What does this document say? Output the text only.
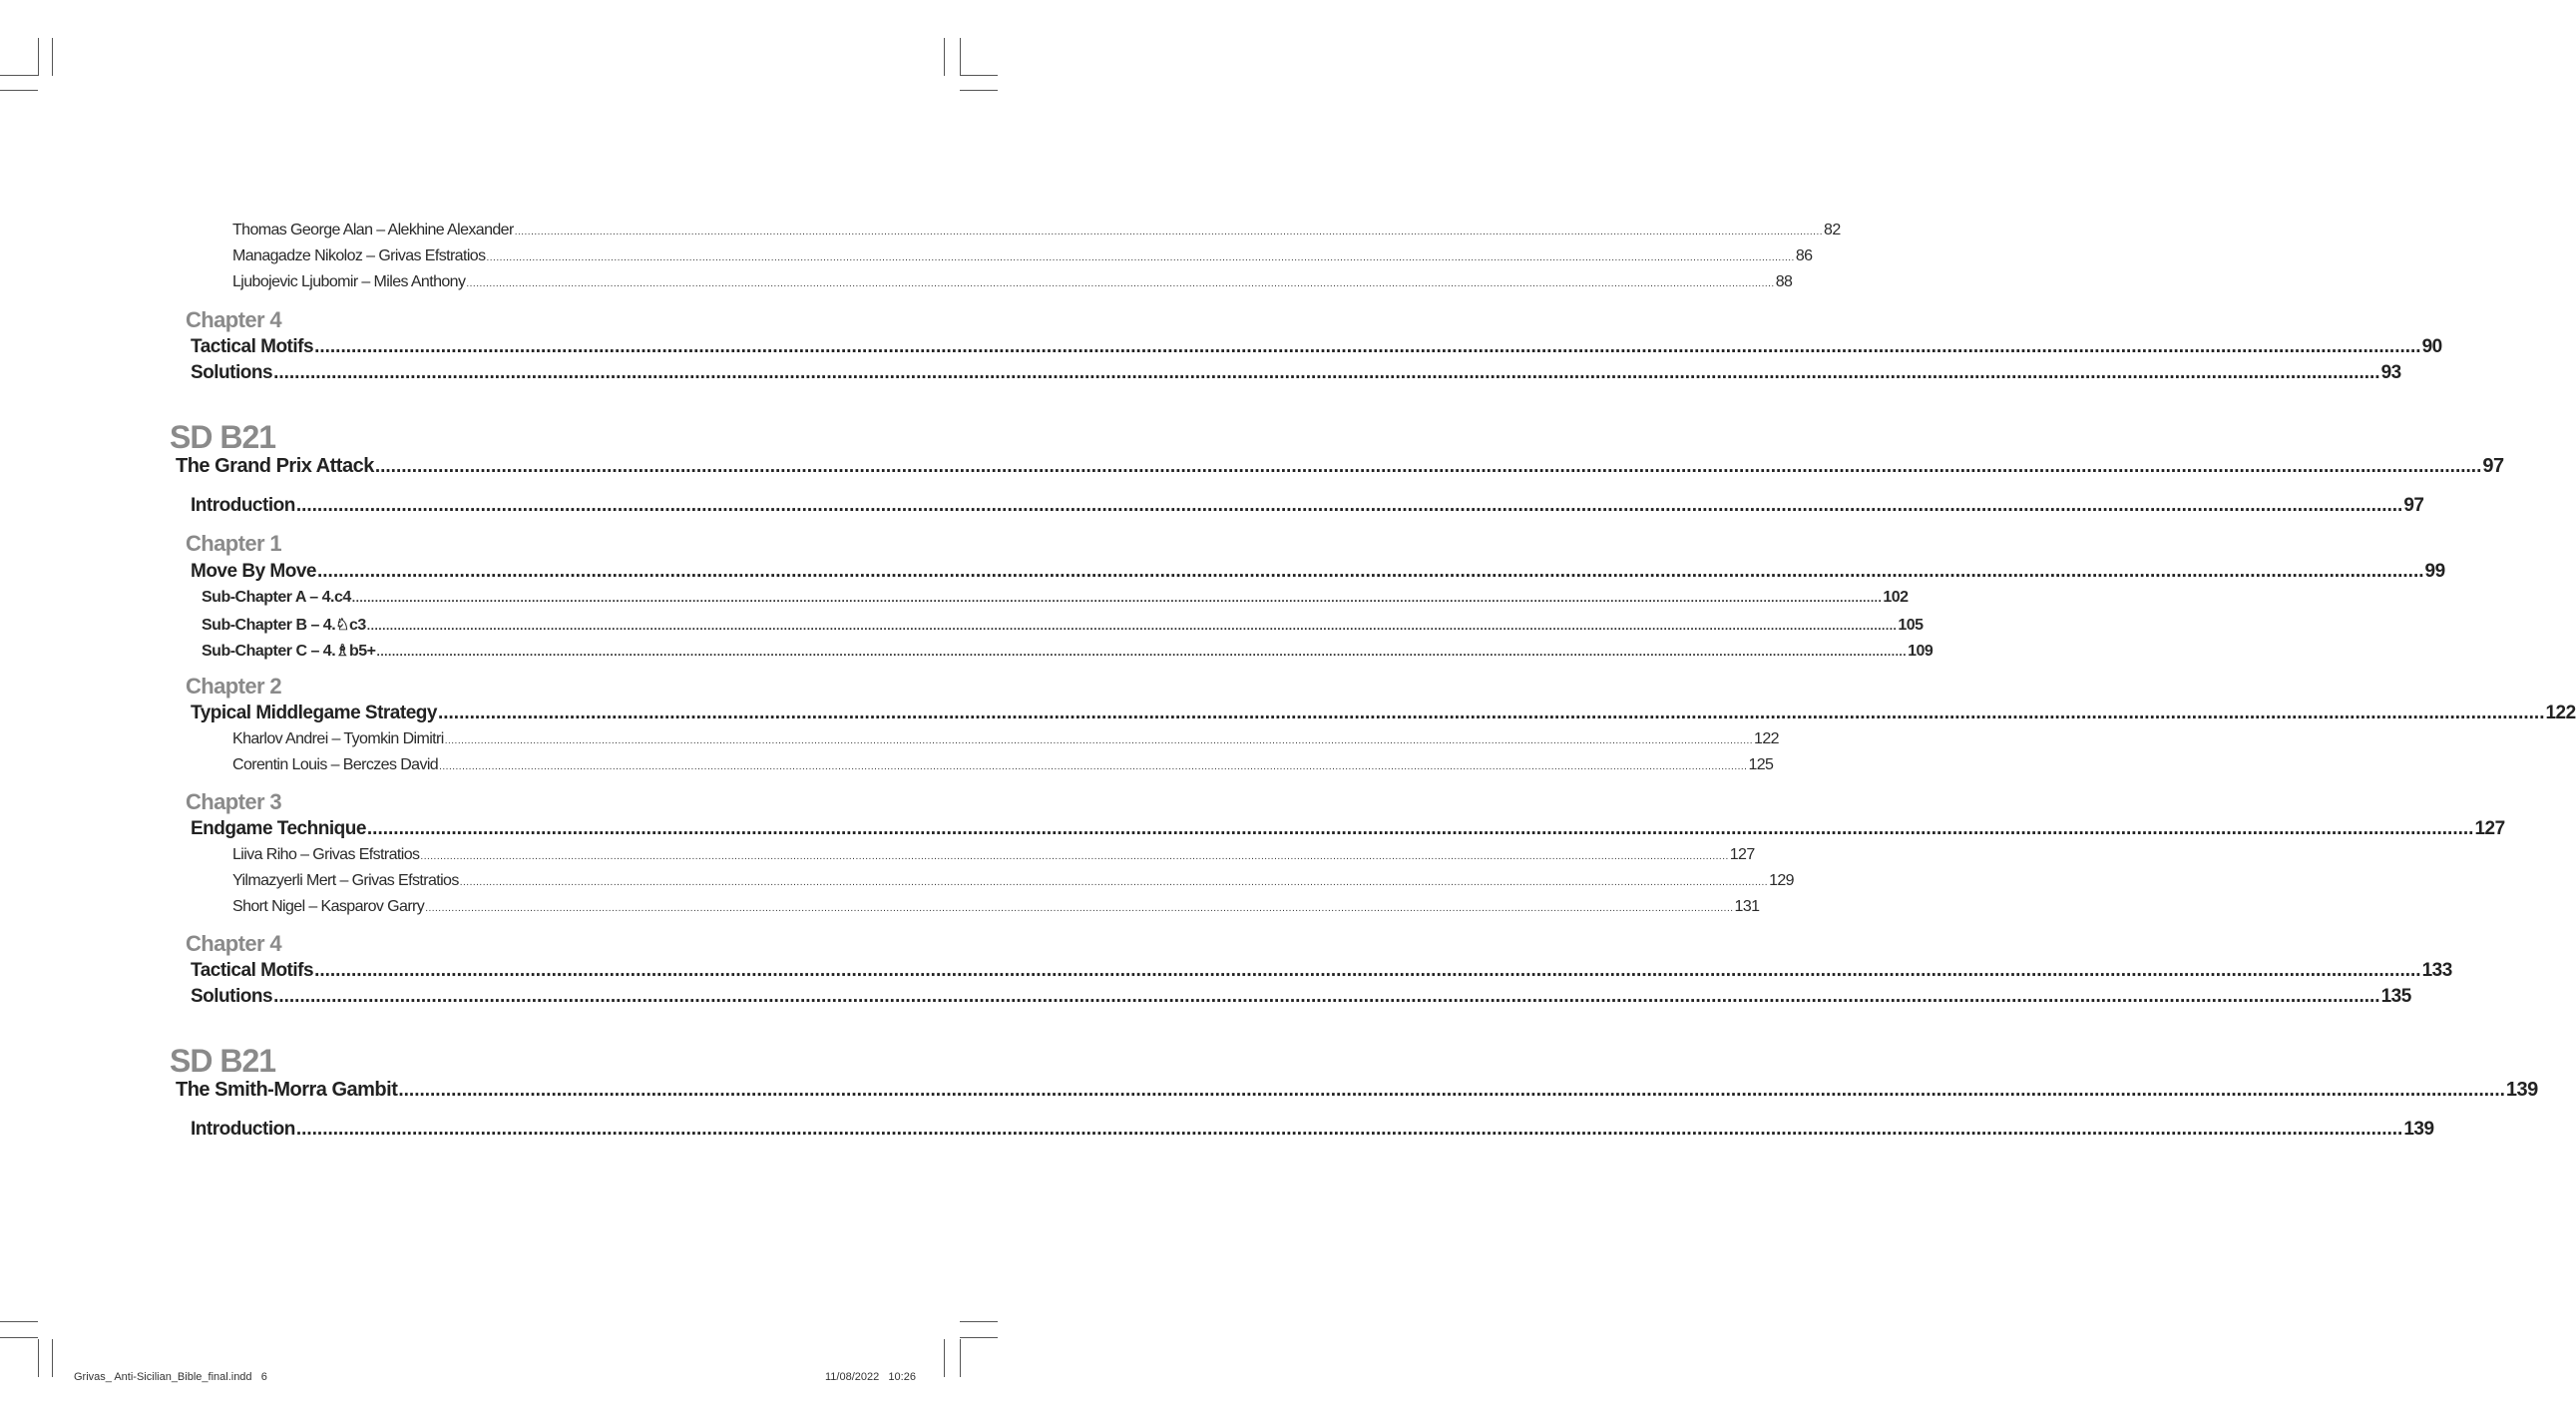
Thomas George Alan – Alekhine Alexander ................................................................................................................................................................................................................................................................................................................................................................................................................ 82
Managadze Nikoloz – Grivas Efstratios ................................................................................................................................................................................................................................................................................................................................................................................................................ 86
Ljubojevic Ljubomir – Miles Anthony ................................................................................................................................................................................................................................................................................................................................................................................................................ 88
Chapter 4
Tactical Motifs ................................................................................................................................................................................................................................................................................................................................................................................................................ 90
Solutions ................................................................................................................................................................................................................................................................................................................................................................................................................ 93
SD B21
The Grand Prix Attack ................................................................................................................................................................................................................................................................................................................................................................................................................ 97
Introduction ................................................................................................................................................................................................................................................................................................................................................................................................................ 97
Chapter 1
Move By Move ................................................................................................................................................................................................................................................................................................................................................................................................................ 99
Sub-Chapter A – 4.c4 ................................................................................................................................................................................................................................................................................................................................................................................................................ 102
Sub-Chapter B – 4.♘c3 ................................................................................................................................................................................................................................................................................................................................................................................................................ 105
Sub-Chapter C – 4.♗b5+ ................................................................................................................................................................................................................................................................................................................................................................................................................ 109
Chapter 2
Typical Middlegame Strategy ................................................................................................................................................................................................................................................................................................................................................................................................................ 122
Kharlov Andrei – Tyomkin Dimitri ................................................................................................................................................................................................................................................................................................................................................................................................................ 122
Corentin Louis – Berczes David ................................................................................................................................................................................................................................................................................................................................................................................................................ 125
Chapter 3
Endgame Technique ................................................................................................................................................................................................................................................................................................................................................................................................................ 127
Liiva Riho – Grivas Efstratios ................................................................................................................................................................................................................................................................................................................................................................................................................ 127
Yilmazyerli Mert – Grivas Efstratios ................................................................................................................................................................................................................................................................................................................................................................................................................ 129
Short Nigel – Kasparov Garry ................................................................................................................................................................................................................................................................................................................................................................................................................ 131
Chapter 4
Tactical Motifs ................................................................................................................................................................................................................................................................................................................................................................................................................ 133
Solutions ................................................................................................................................................................................................................................................................................................................................................................................................................ 135
SD B21
The Smith-Morra Gambit ................................................................................................................................................................................................................................................................................................................................................................................................................ 139
Introduction ................................................................................................................................................................................................................................................................................................................................................................................................................ 139
Grivas_ Anti-Sicilian_Bible_final.indd   6	11/08/2022   10:26
